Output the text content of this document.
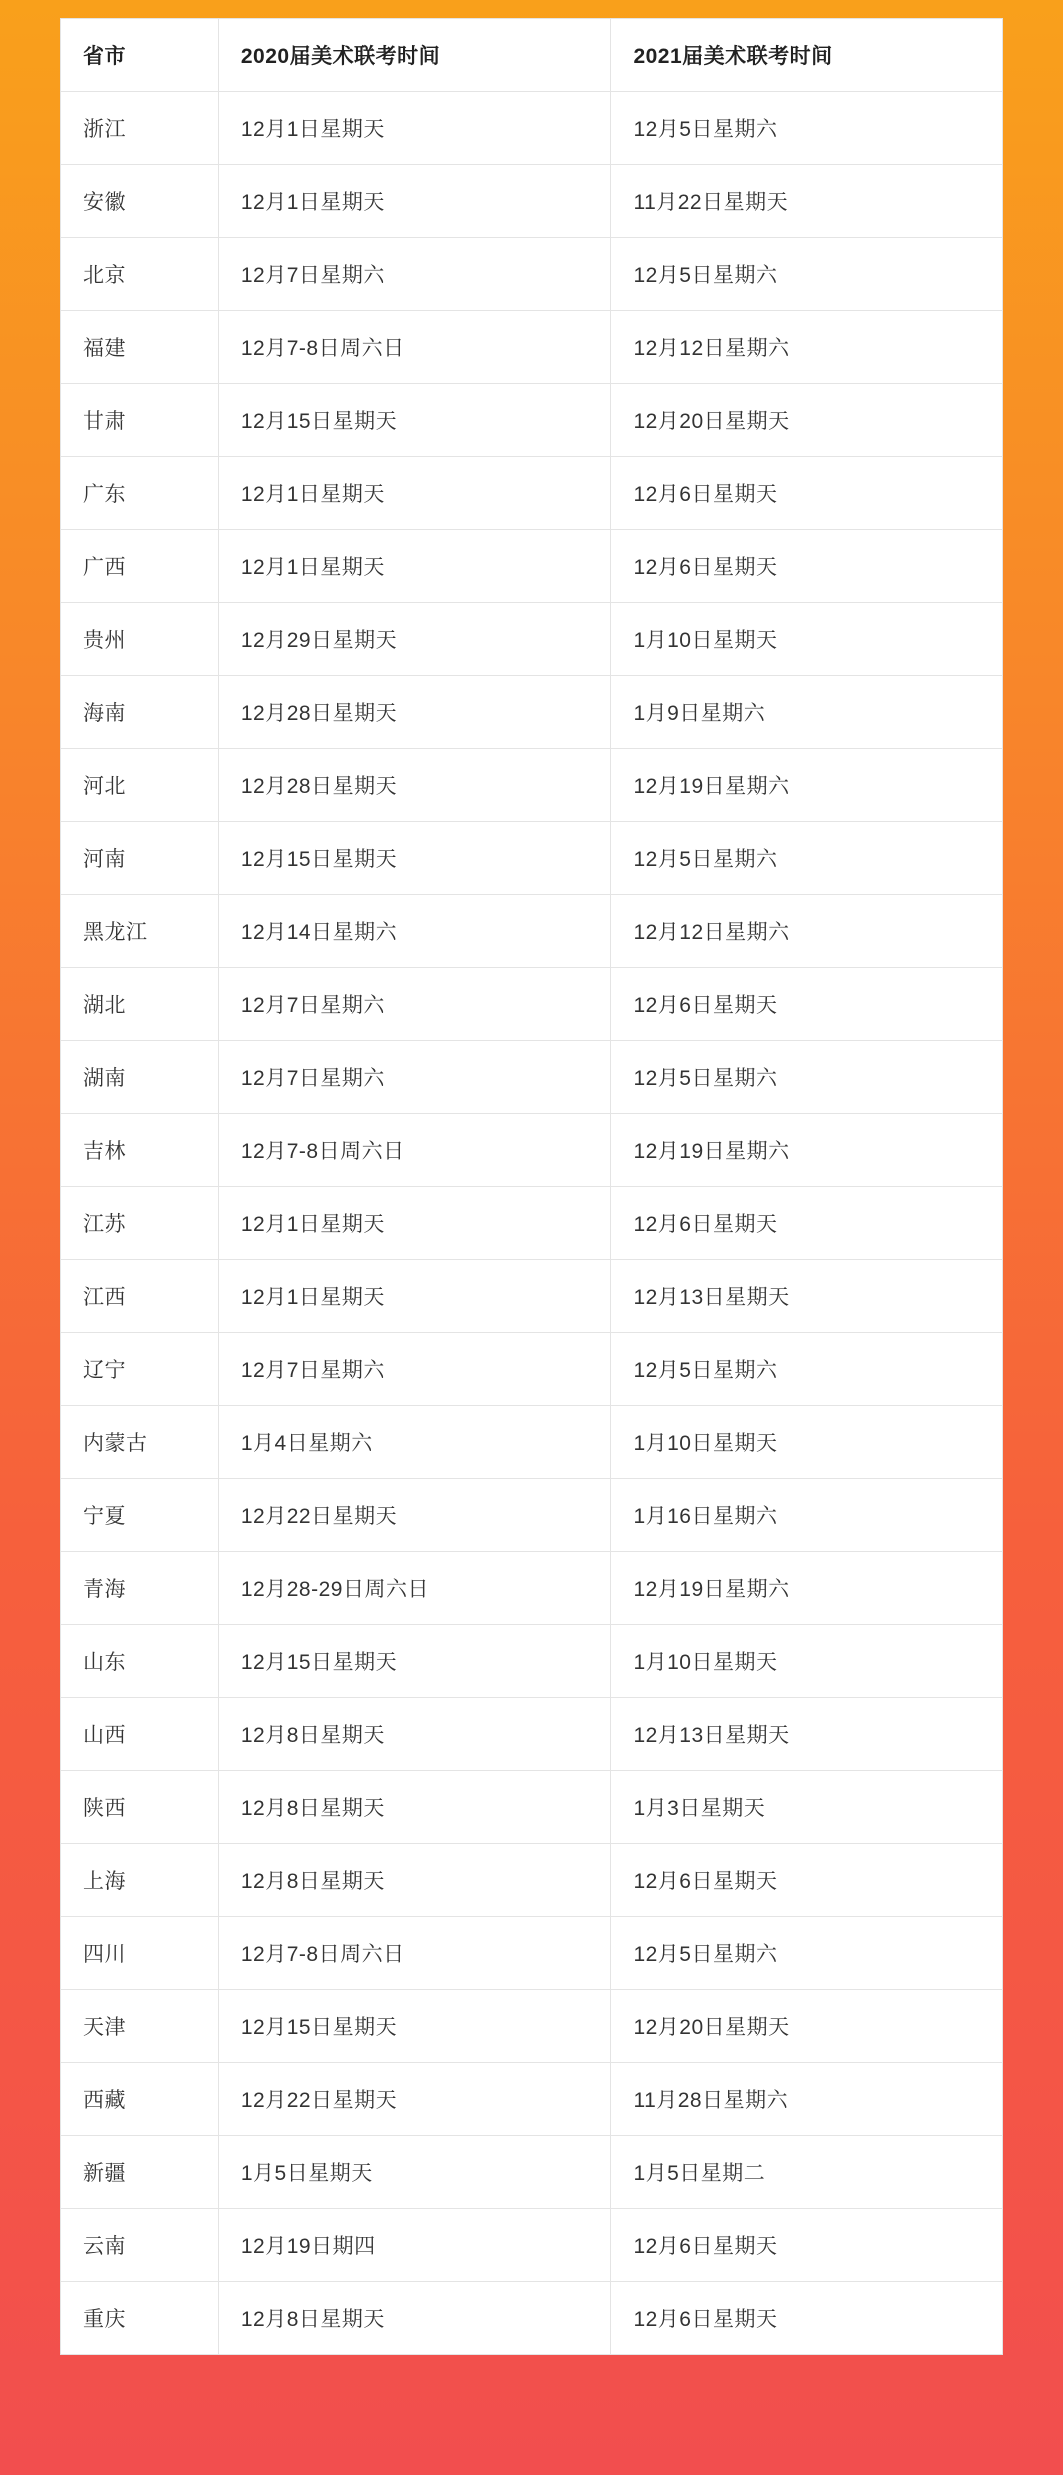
省市	2020届美术联考时间	2021届美术联考时间
浙江	12月1日星期天	12月5日星期六
安徽	12月1日星期天	11月22日星期天
北京	12月7日星期六	12月5日星期六
福建	12月7-8日周六日	12月12日星期六
甘肃	12月15日星期天	12月20日星期天
广东	12月1日星期天	12月6日星期天
广西	12月1日星期天	12月6日星期天
贵州	12月29日星期天	1月10日星期天
海南	12月28日星期天	1月9日星期六
河北	12月28日星期天	12月19日星期六
河南	12月15日星期天	12月5日星期六
黑龙江	12月14日星期六	12月12日星期六
湖北	12月7日星期六	12月6日星期天
湖南	12月7日星期六	12月5日星期六
吉林	12月7-8日周六日	12月19日星期六
江苏	12月1日星期天	12月6日星期天
江西	12月1日星期天	12月13日星期天
辽宁	12月7日星期六	12月5日星期六
内蒙古	1月4日星期六	1月10日星期天
宁夏	12月22日星期天	1月16日星期六
青海	12月28-29日周六日	12月19日星期六
山东	12月15日星期天	1月10日星期天
山西	12月8日星期天	12月13日星期天
陕西	12月8日星期天	1月3日星期天
上海	12月8日星期天	12月6日星期天
四川	12月7-8日周六日	12月5日星期六
天津	12月15日星期天	12月20日星期天
西藏	12月22日星期天	11月28日星期六
新疆	1月5日星期天	1月5日星期二
云南	12月19日期四	12月6日星期天
重庆	12月8日星期天	12月6日星期天
